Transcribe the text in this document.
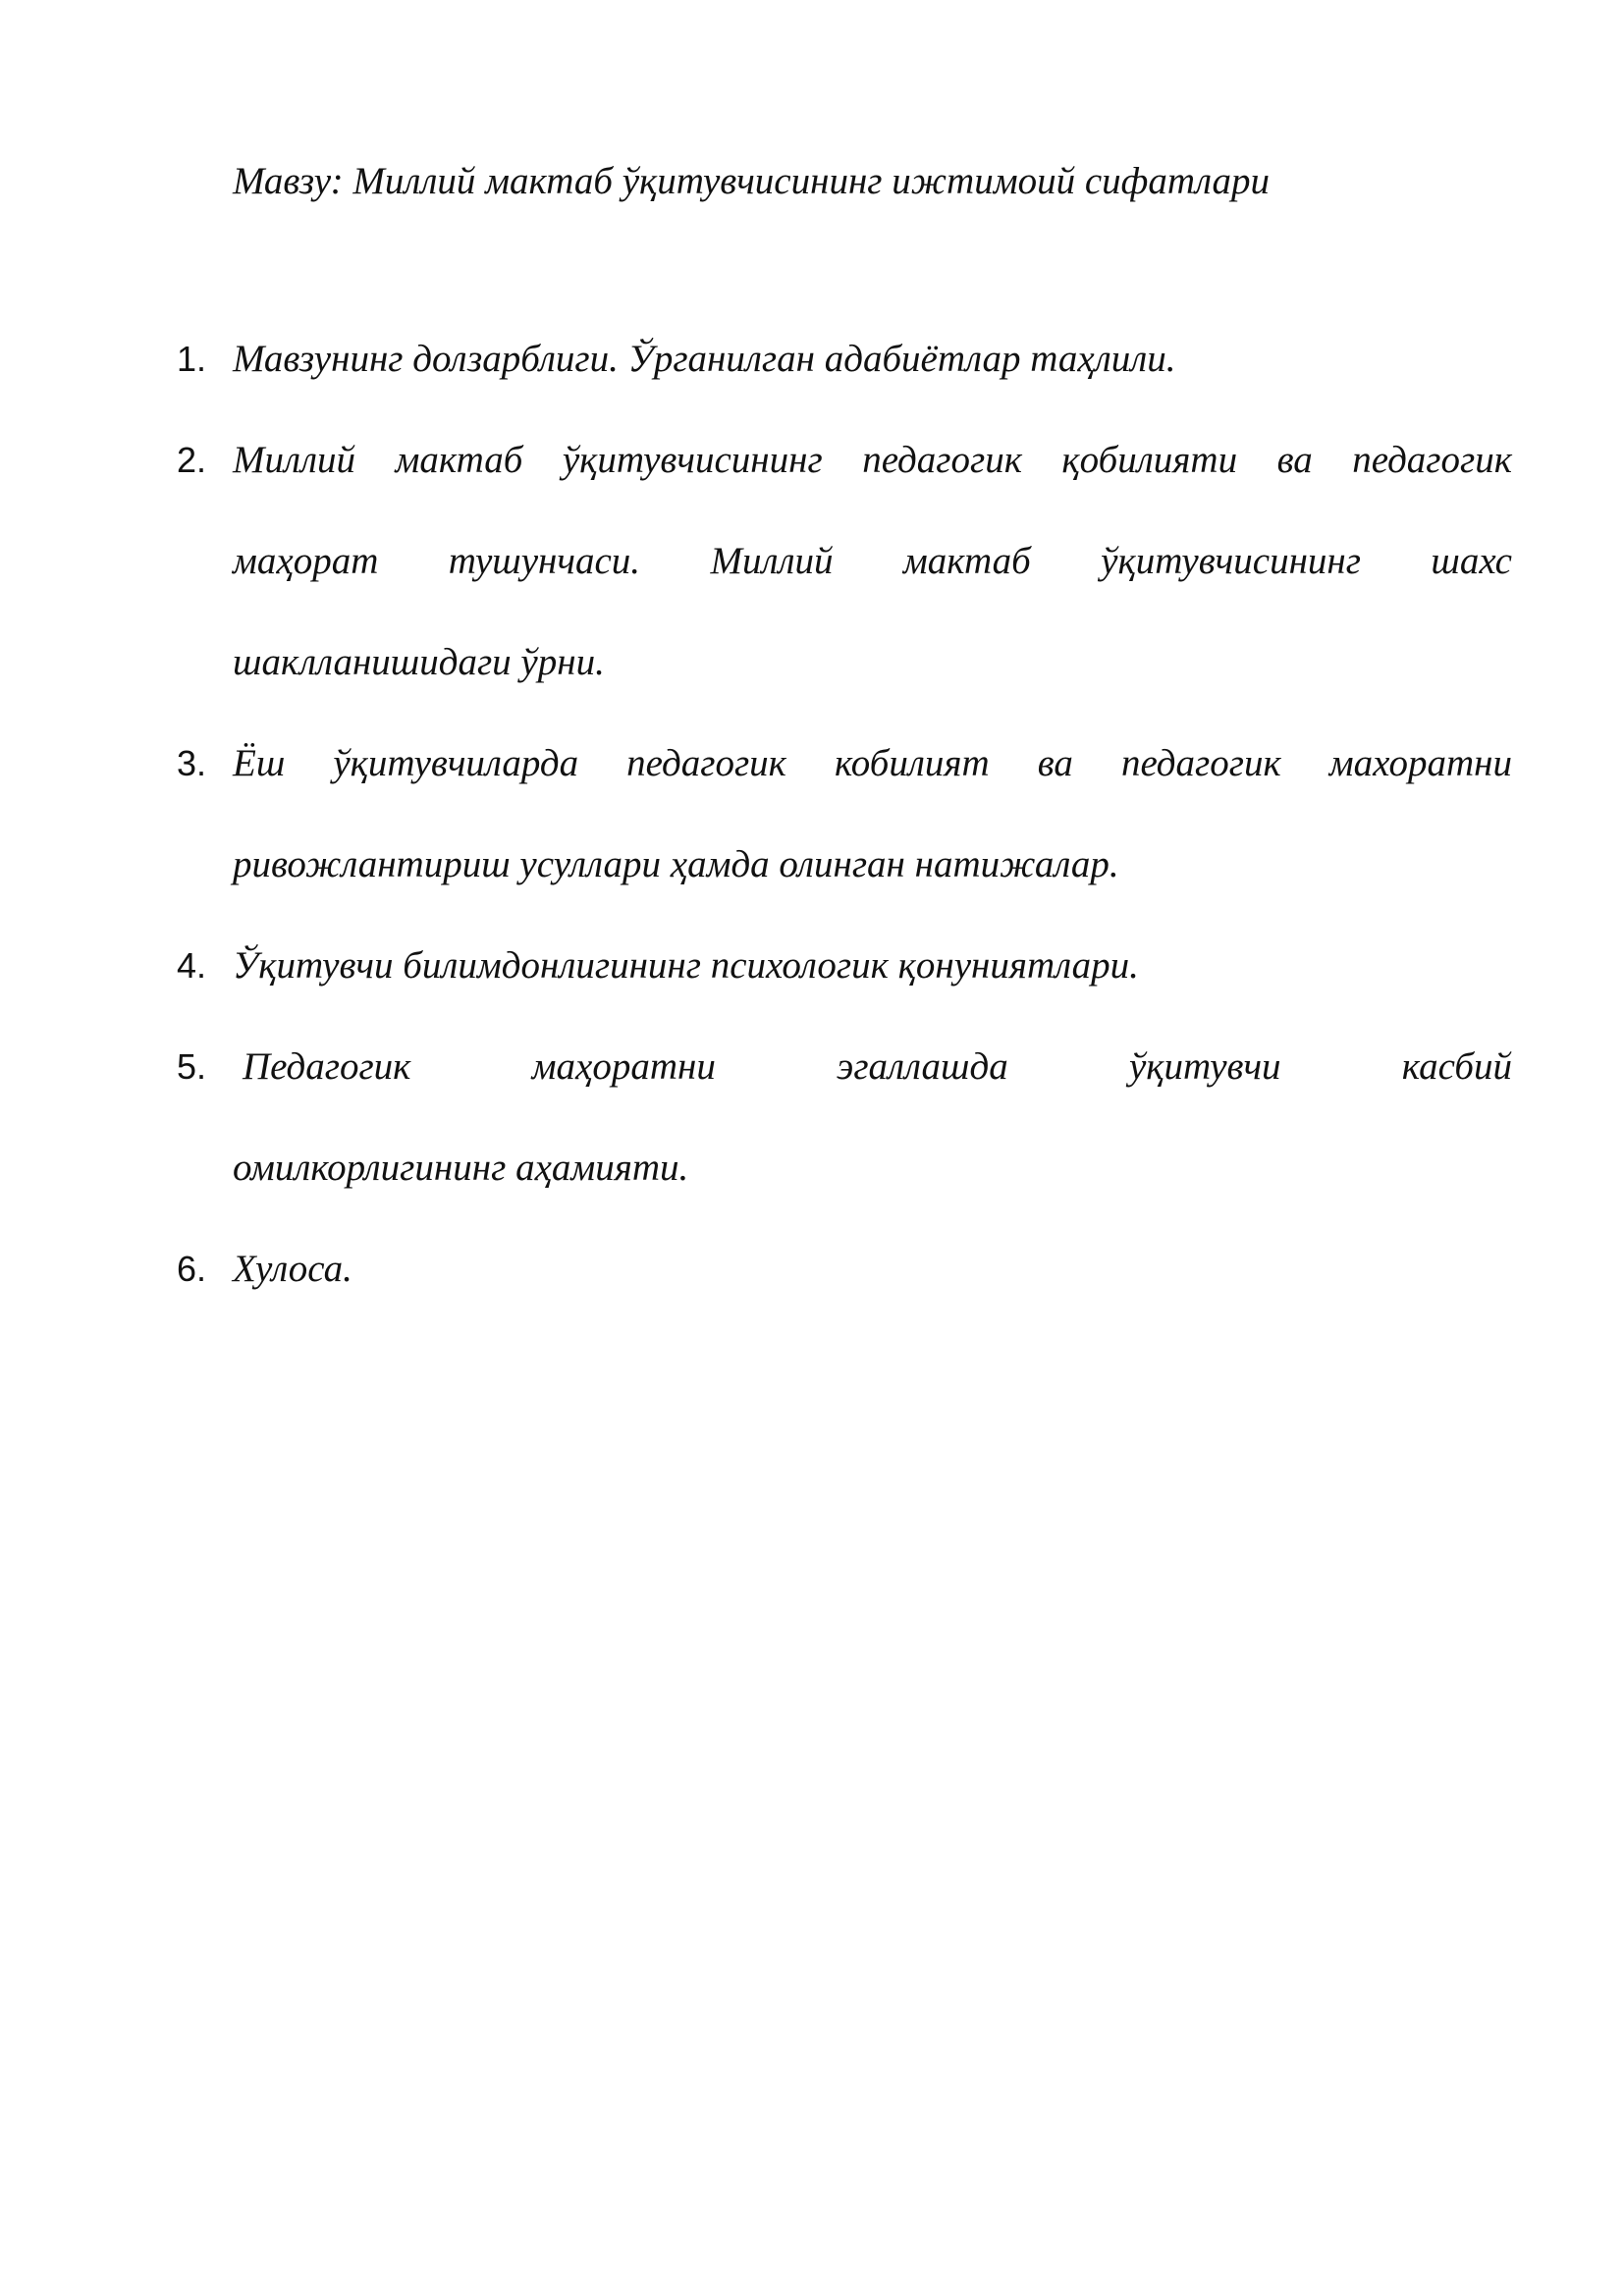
Мавзу: Миллий мактаб ўқитувчисининг ижтимоий сифатлари
1. Мавзунинг долзарблиги. Ўрганилган адабиётлар таҳлили.
2. Миллий мактаб ўқитувчисининг педагогик қобилияти ва педагогик
маҳорат тушунчаси. Миллий мактаб ўқитувчисининг шахс
шаклланишидаги ўрни.
3. Ёш ўқитувчиларда педагогик кобилият ва педагогик махоратни
ривожлантириш усуллари ҳамда олинган натижалар.
4. Ўқитувчи билимдонлигининг психологик қонуниятлари.
5. Педагогик маҳоратни эгаллашда ўқитувчи касбий
омилкорлигининг аҳамияти.
6. Хулоса.
